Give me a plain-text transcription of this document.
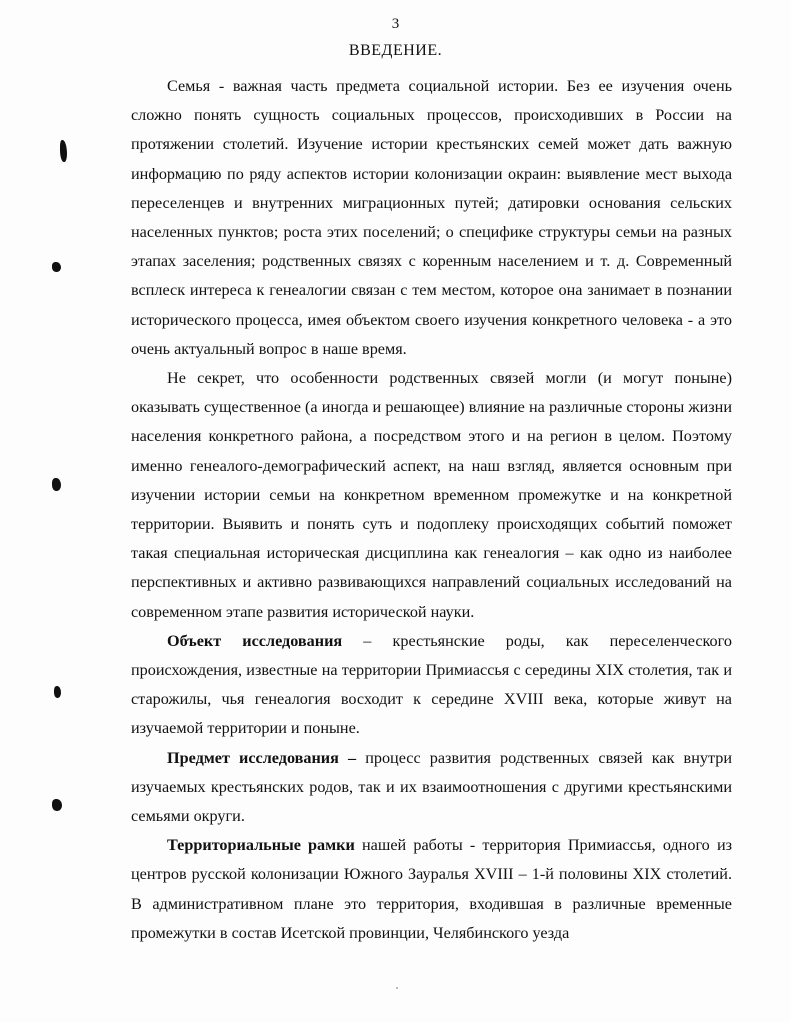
3
ВВЕДЕНИЕ.

Семья - важная часть предмета социальной истории. Без ее изучения очень сложно понять сущность социальных процессов, происходивших в России на протяжении столетий. Изучение истории крестьянских семей может дать важную информацию по ряду аспектов истории колонизации окраин: выявление мест выхода переселенцев и внутренних миграционных путей; датировки основания сельских населенных пунктов; роста этих поселений; о специфике структуры семьи на разных этапах заселения; родственных связях с коренным населением и т. д. Современный всплеск интереса к генеалогии связан с тем местом, которое она занимает в познании исторического процесса, имея объектом своего изучения конкретного человека - а это очень актуальный вопрос в наше время.

Не секрет, что особенности родственных связей могли (и могут поныне) оказывать существенное (а иногда и решающее) влияние на различные стороны жизни населения конкретного района, а посредством этого и на регион в целом. Поэтому именно генеалого-демографический аспект, на наш взгляд, является основным при изучении истории семьи на конкретном временном промежутке и на конкретной территории. Выявить и понять суть и подоплеку происходящих событий поможет такая специальная историческая дисциплина как генеалогия – как одно из наиболее перспективных и активно развивающихся направлений социальных исследований на современном этапе развития исторической науки.

Объект исследования – крестьянские роды, как переселенческого происхождения, известные на территории Примиассья с середины XIX столетия, так и старожилы, чья генеалогия восходит к середине XVIII века, которые живут на изучаемой территории и поныне.

Предмет исследования – процесс развития родственных связей как внутри изучаемых крестьянских родов, так и их взаимоотношения с другими крестьянскими семьями округи.

Территориальные рамки нашей работы - территория Примиассья, одного из центров русской колонизации Южного Зауралья XVIII – 1-й половины XIX столетий. В административном плане это территория, входившая в различные временные промежутки в состав Исетской провинции, Челябинского уезда
